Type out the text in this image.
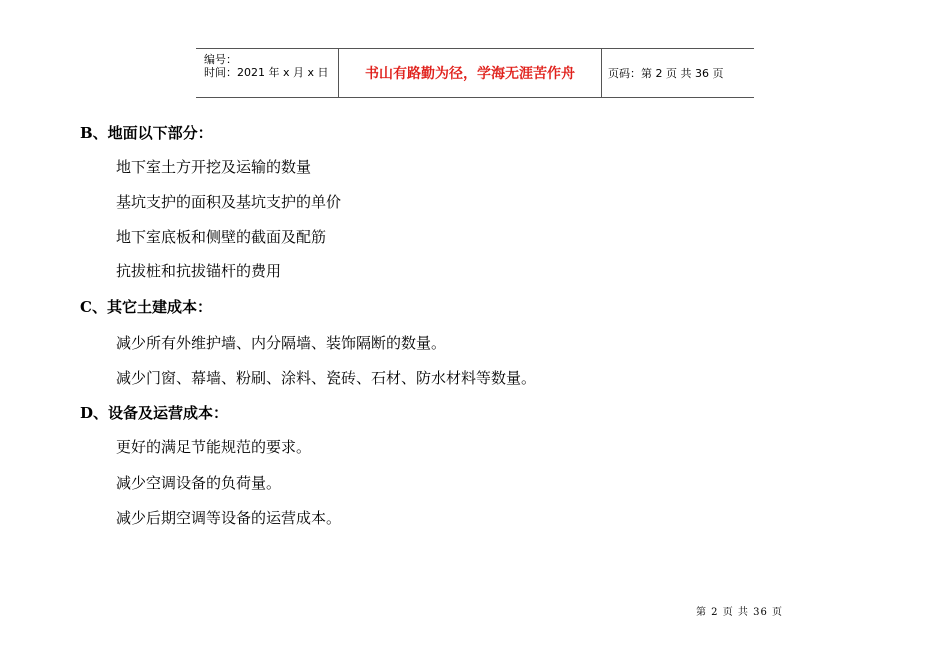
编号：
时间：2021 年 x 月 x 日	书山有路勤为径，学海无涯苦作舟	页码：第 2 页 共 36 页
B、地面以下部分：
地下室土方开挖及运输的数量
基坑支护的面积及基坑支护的单价
地下室底板和侧壁的截面及配筋
抗拔桩和抗拔锚杆的费用
C、其它土建成本：
减少所有外维护墙、内分隔墙、装饰隔断的数量。
减少门窗、幕墙、粉刷、涂料、瓷砖、石材、防水材料等数量。
D、设备及运营成本：
更好的满足节能规范的要求。
减少空调设备的负荷量。
减少后期空调等设备的运营成本。
第 2 页 共 36 页
